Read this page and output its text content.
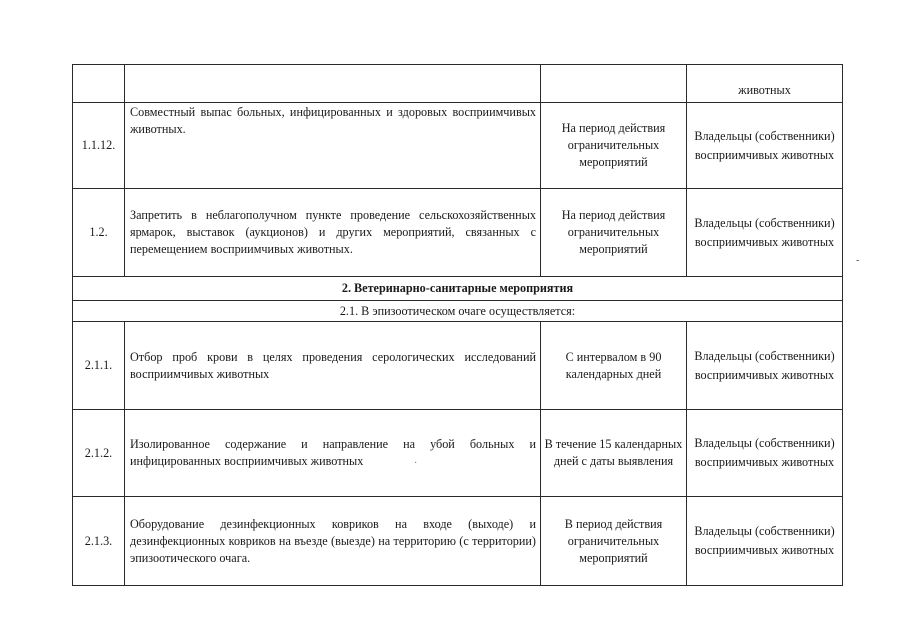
			животных
1.1.12.	Совместный выпас больных, инфицированных и здоровых восприимчивых животных.	На период действия ограничительных мероприятий	Владельцы (собственники) восприимчивых животных
1.2.	Запретить в неблагополучном пункте проведение сельскохозяйственных ярмарок, выставок (аукционов) и других мероприятий, связанных с перемещением восприимчивых животных.	На период действия ограничительных мероприятий	Владельцы (собственники) восприимчивых животных
2. Ветеринарно-санитарные мероприятия			
2.1. В эпизоотическом очаге осуществляется:			
2.1.1.	Отбор проб крови в целях проведения серологических исследований восприимчивых животных	С интервалом в 90 календарных дней	Владельцы (собственники) восприимчивых животных
2.1.2.	Изолированное содержание и направление на убой больных и инфицированных восприимчивых животных	В течение 15 календарных дней с даты выявления	Владельцы (собственники) восприимчивых животных
2.1.3.	Оборудование дезинфекционных ковриков на входе (выходе) и дезинфекционных ковриков на въезде (выезде) на территорию (с территории) эпизоотического очага.	В период действия ограничительных мероприятий	Владельцы (собственники) восприимчивых животных
-
·
